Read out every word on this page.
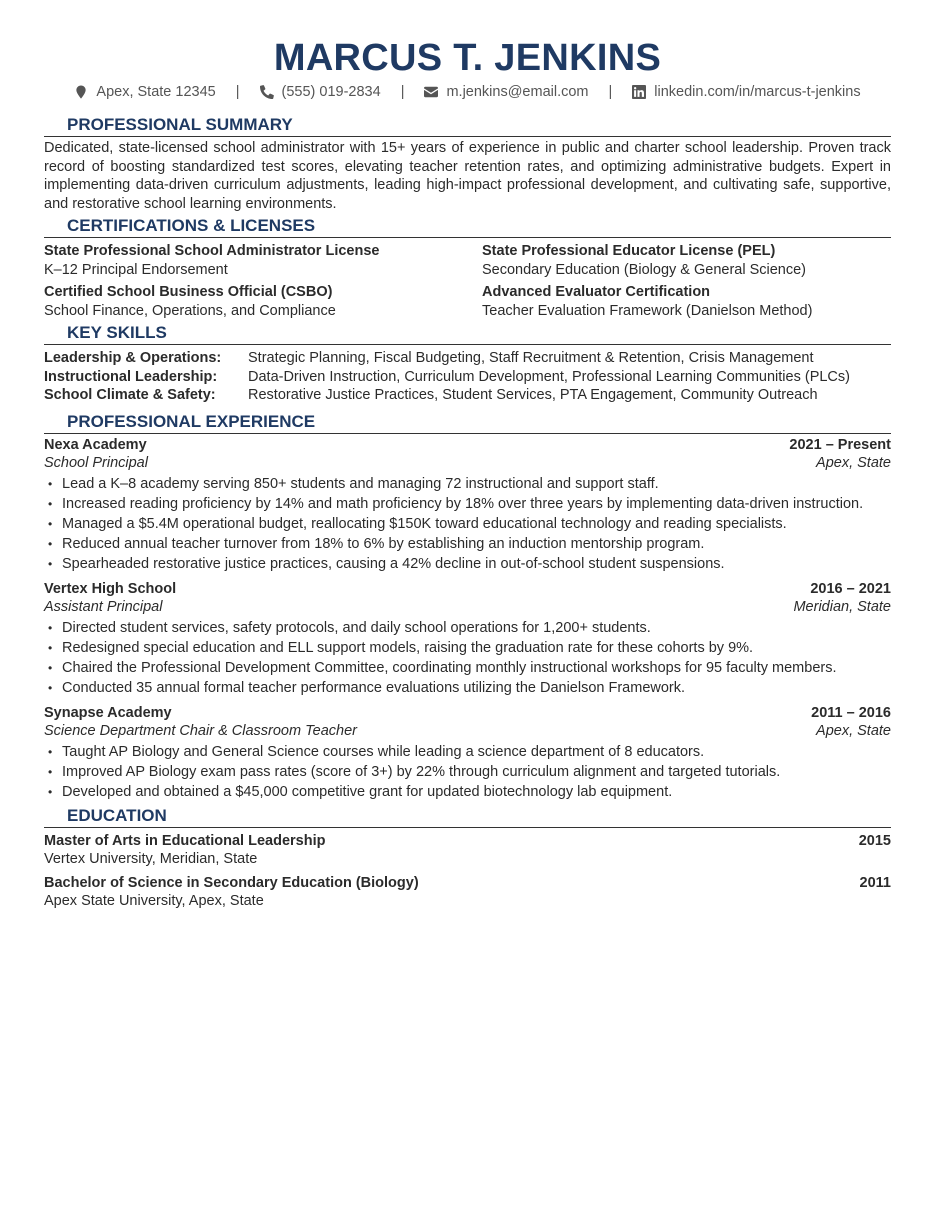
MARCUS T. JENKINS
Apex, State 12345 |	(555) 019-2834 |	m.jenkins@email.com |	linkedin.com/in/marcus-t-jenkins
PROFESSIONAL SUMMARY

Dedicated, state-licensed school administrator with 15+ years of experience in public and charter school leadership. Proven track record of boosting standardized test scores, elevating teacher retention rates, and optimizing administrative budgets. Expert in implementing data-driven curriculum adjustments, leading high-impact professional development, and cultivating safe, supportive, and restorative school learning environments.

CERTIFICATIONS & LICENSES
State Professional School Administrator License
K–12 Principal Endorsement
State Professional Educator License (PEL)
Secondary Education (Biology & General Science)
Certified School Business Official (CSBO)
School Finance, Operations, and Compliance
Advanced Evaluator Certification
Teacher Evaluation Framework (Danielson Method)
KEY SKILLS
Leadership & Operations:	Strategic Planning, Fiscal Budgeting, Staff Recruitment & Retention, Crisis Management
Instructional Leadership:	Data-Driven Instruction, Curriculum Development, Professional Learning Communities (PLCs)
School Climate & Safety:	Restorative Justice Practices, Student Services, PTA Engagement, Community Outreach
PROFESSIONAL EXPERIENCE
Nexa Academy	2021 – Present
School Principal	Apex, State
• Lead a K–8 academy serving 850+ students and managing 72 instructional and support staff.
• Increased reading proficiency by 14% and math proficiency by 18% over three years by implementing data-driven instruction.
• Managed a $5.4M operational budget, reallocating $150K toward educational technology and reading specialists.
• Reduced annual teacher turnover from 18% to 6% by establishing an induction mentorship program.
• Spearheaded restorative justice practices, causing a 42% decline in out-of-school student suspensions.
Vertex High School	2016 – 2021
Assistant Principal	Meridian, State
• Directed student services, safety protocols, and daily school operations for 1,200+ students.
• Redesigned special education and ELL support models, raising the graduation rate for these cohorts by 9%.
• Chaired the Professional Development Committee, coordinating monthly instructional workshops for 95 faculty members.
• Conducted 35 annual formal teacher performance evaluations utilizing the Danielson Framework.
Synapse Academy	2011 – 2016
Science Department Chair & Classroom Teacher	Apex, State
• Taught AP Biology and General Science courses while leading a science department of 8 educators.
• Improved AP Biology exam pass rates (score of 3+) by 22% through curriculum alignment and targeted tutorials.
• Developed and obtained a $45,000 competitive grant for updated biotechnology lab equipment.
EDUCATION
Master of Arts in Educational Leadership	2015
Vertex University, Meridian, State
Bachelor of Science in Secondary Education (Biology)	2011
Apex State University, Apex, State
